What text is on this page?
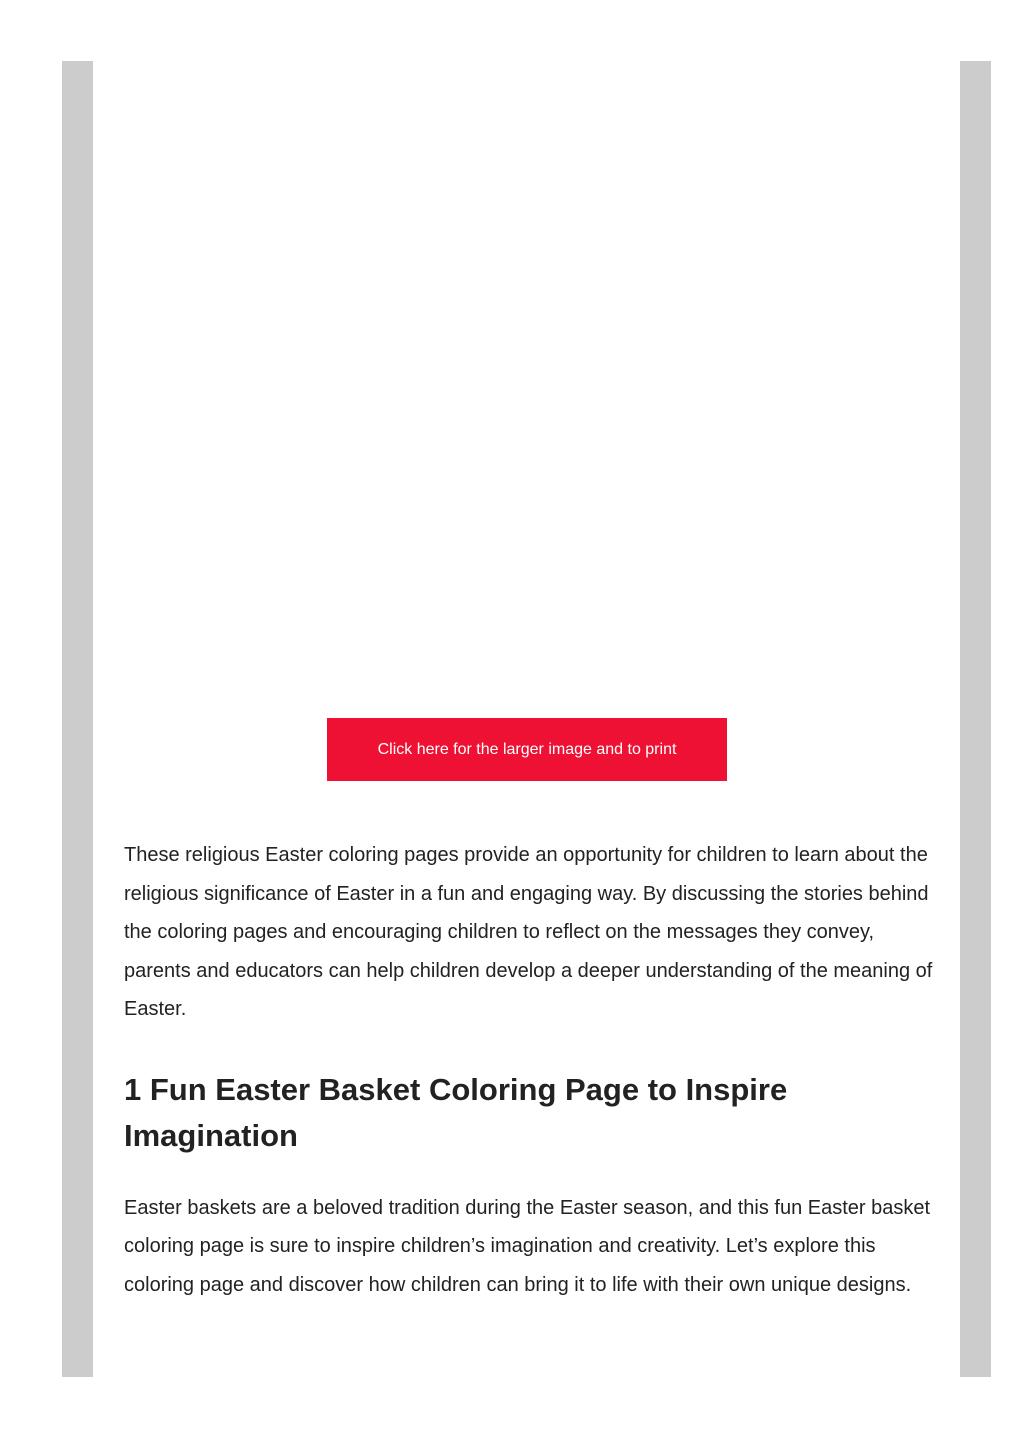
Click here for the larger image and to print

These religious Easter coloring pages provide an opportunity for children to learn about the religious significance of Easter in a fun and engaging way. By discussing the stories behind the coloring pages and encouraging children to reflect on the messages they convey, parents and educators can help children develop a deeper understanding of the meaning of Easter.

1 Fun Easter Basket Coloring Page to Inspire Imagination

Easter baskets are a beloved tradition during the Easter season, and this fun Easter basket coloring page is sure to inspire children’s imagination and creativity. Let’s explore this coloring page and discover how children can bring it to life with their own unique designs.
